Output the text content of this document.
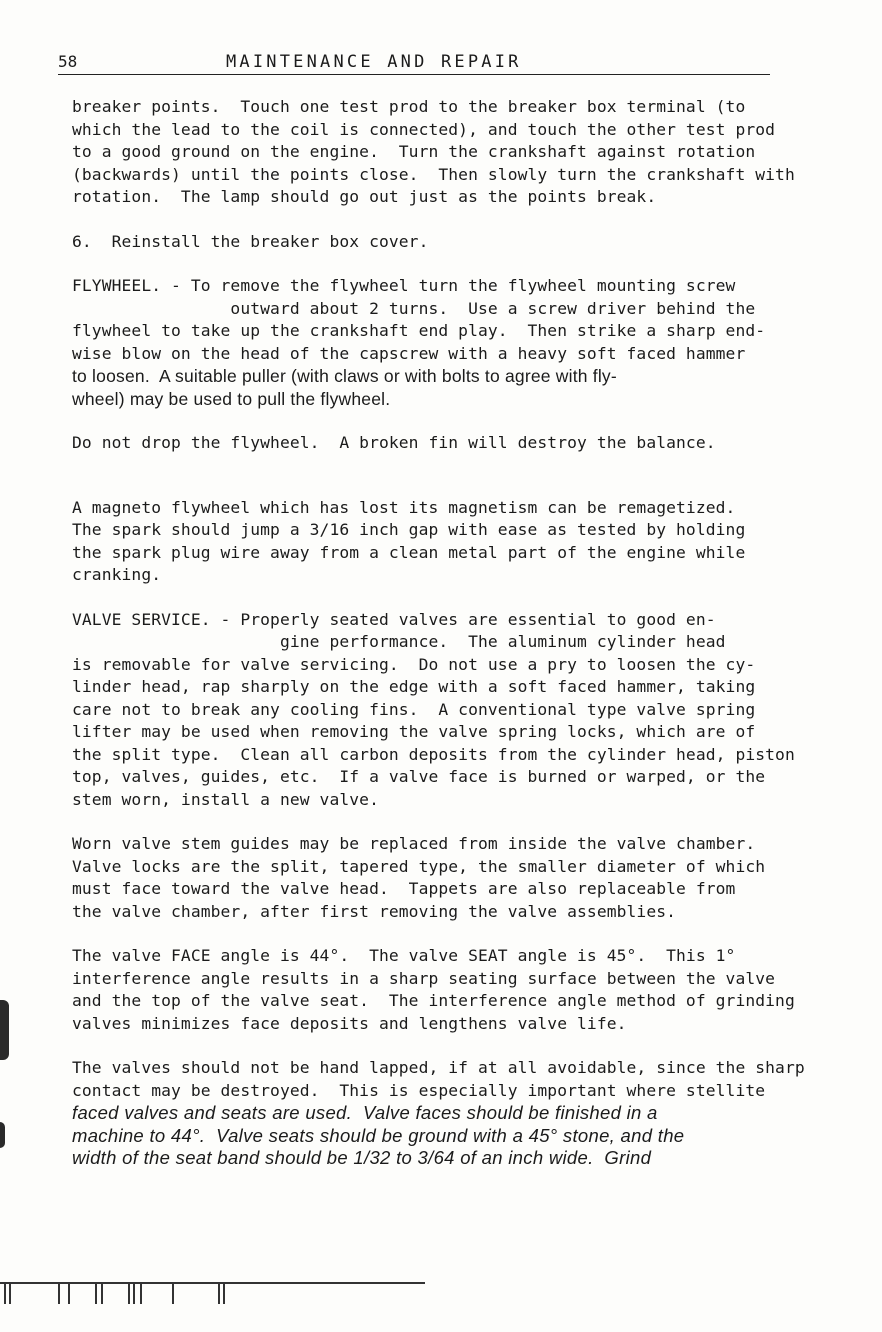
58	MAINTENANCE AND REPAIR
breaker points.  Touch one test prod to the breaker box terminal (to
which the lead to the coil is connected), and touch the other test prod
to a good ground on the engine.  Turn the crankshaft against rotation
(backwards) until the points close.  Then slowly turn the crankshaft with
rotation.  The lamp should go out just as the points break.
6.  Reinstall the breaker box cover.
FLYWHEEL. - To remove the flywheel turn the flywheel mounting screw
outward about 2 turns.  Use a screw driver behind the
flywheel to take up the crankshaft end play.  Then strike a sharp end-
wise blow on the head of the capscrew with a heavy soft faced hammer
to loosen.  A suitable puller (with claws or with bolts to agree with fly-
wheel) may be used to pull the flywheel.
Do not drop the flywheel.  A broken fin will destroy the balance.
A magneto flywheel which has lost its magnetism can be remagetized.
The spark should jump a 3/16 inch gap with ease as tested by holding
the spark plug wire away from a clean metal part of the engine while
cranking.
VALVE SERVICE. - Properly seated valves are essential to good en-
gine performance.  The aluminum cylinder head
is removable for valve servicing.  Do not use a pry to loosen the cy-
linder head, rap sharply on the edge with a soft faced hammer, taking
care not to break any cooling fins.  A conventional type valve spring
lifter may be used when removing the valve spring locks, which are of
the split type.  Clean all carbon deposits from the cylinder head, piston
top, valves, guides, etc.  If a valve face is burned or warped, or the
stem worn, install a new valve.
Worn valve stem guides may be replaced from inside the valve chamber.
Valve locks are the split, tapered type, the smaller diameter of which
must face toward the valve head.  Tappets are also replaceable from
the valve chamber, after first removing the valve assemblies.
The valve FACE angle is 44°.  The valve SEAT angle is 45°.  This 1°
interference angle results in a sharp seating surface between the valve
and the top of the valve seat.  The interference angle method of grinding
valves minimizes face deposits and lengthens valve life.
The valves should not be hand lapped, if at all avoidable, since the sharp
contact may be destroyed.  This is especially important where stellite
faced valves and seats are used.  Valve faces should be finished in a
machine to 44°.  Valve seats should be ground with a 45° stone, and the
width of the seat band should be 1/32 to 3/64 of an inch wide.  Grind
